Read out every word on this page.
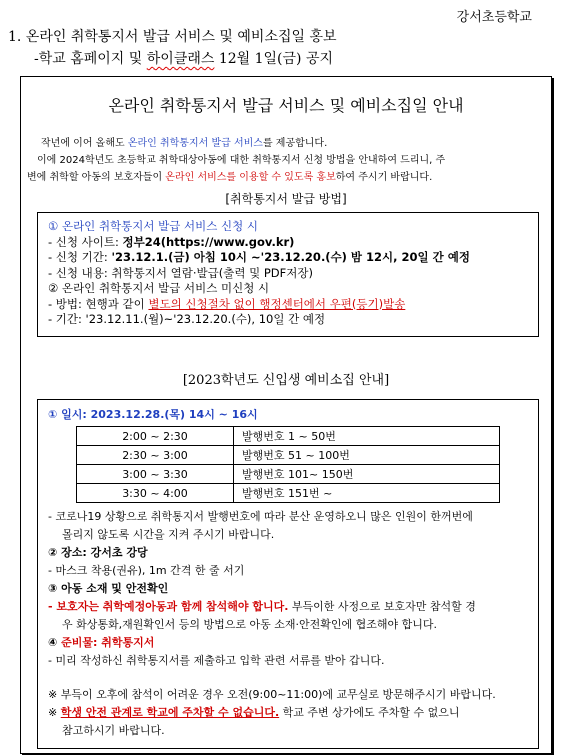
강서초등학교
1. 온라인 취학통지서 발급 서비스 및 예비소집일 홍보
-학교 홈페이지 및 하이클래스 12월 1일(금) 공지
온라인 취학통지서 발급 서비스 및 예비소집일 안내

작년에 이어 올해도 온라인 취학통지서 발급 서비스를 제공합니다.

이에 2024학년도 초등학교 취학대상아동에 대한 취학통지서 신청 방법을 안내하여 드리니, 주

변에 취학할 아동의 보호자들이 온라인 서비스를 이용할 수 있도록 홍보하여 주시기 바랍니다.

[취학통지서 발급 방법]
① 온라인 취학통지서 발급 서비스 신청 시
- 신청 사이트: 정부24(https://www.gov.kr)
- 신청 기간: '23.12.1.(금) 아침 10시 ~'23.12.20.(수) 밤 12시, 20일 간 예정
- 신청 내용: 취학통지서 열람·발급(출력 및 PDF저장)
② 온라인 취학통지서 발급 서비스 미신청 시
- 방법: 현행과 같이 별도의 신청절차 없이 행정센터에서 우편(등기)발송
- 기간: '23.12.11.(월)~'23.12.20.(수), 10일 간 예정
[2023학년도 신입생 예비소집 안내]
① 일시: 2023.12.28.(목) 14시 ~ 16시
2:00 ~ 2:30	발행번호 1 ~ 50번
2:30 ~ 3:00	발행번호 51 ~ 100번
3:00 ~ 3:30	발행번호 101~ 150번
3:30 ~ 4:00	발행번호 151번 ~
- 코로나19 상황으로 취학통지서 발행번호에 따라 분산 운영하오니 많은 인원이 한꺼번에
몰리지 않도록 시간을 지켜 주시기 바랍니다.
② 장소: 강서초 강당
- 마스크 착용(권유), 1m 간격 한 줄 서기
③ 아동 소재 및 안전확인
- 보호자는 취학예정아동과 함께 참석해야 합니다. 부득이한 사정으로 보호자만 참석할 경
우 화상통화,재원확인서 등의 방법으로 아동 소재·안전확인에 협조해야 합니다.
④ 준비물: 취학통지서
- 미리 작성하신 취학통지서를 제출하고 입학 관련 서류를 받아 갑니다.
※ 부득이 오후에 참석이 어려운 경우 오전(9:00~11:00)에 교무실로 방문해주시기 바랍니다.
※ 학생 안전 관계로 학교에 주차할 수 없습니다. 학교 주변 상가에도 주차할 수 없으니
참고하시기 바랍니다.
